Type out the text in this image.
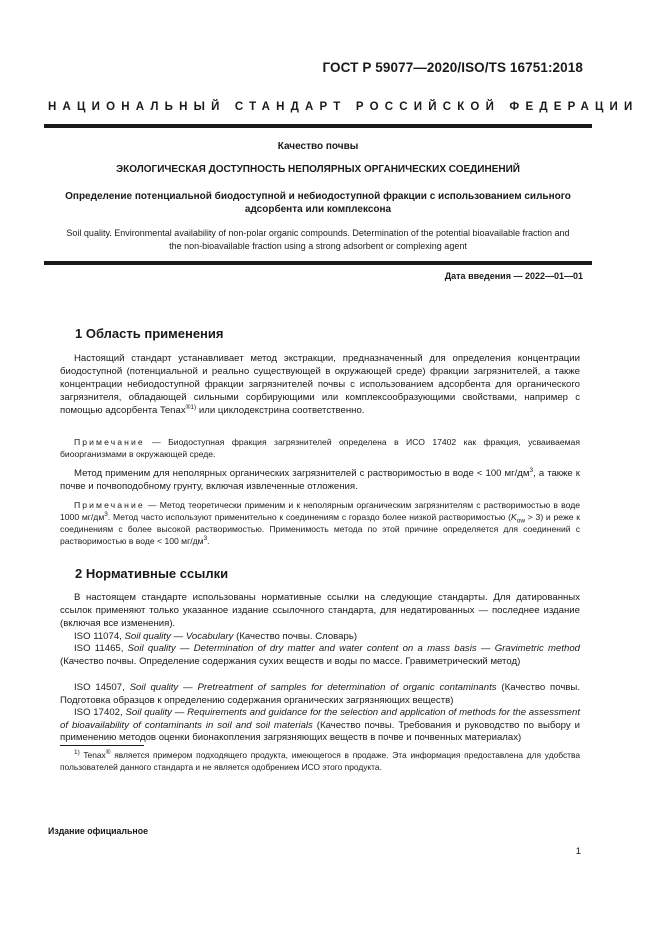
ГОСТ Р 59077—2020/ISO/TS 16751:2018
НАЦИОНАЛЬНЫЙ СТАНДАРТ РОССИЙСКОЙ ФЕДЕРАЦИИ
Качество почвы
ЭКОЛОГИЧЕСКАЯ ДОСТУПНОСТЬ НЕПОЛЯРНЫХ ОРГАНИЧЕСКИХ СОЕДИНЕНИЙ
Определение потенциальной биодоступной и небиодоступной фракции с использованием сильного адсорбента или комплексона
Soil quality. Environmental availability of non-polar organic compounds. Determination of the potential bioavailable fraction and the non-bioavailable fraction using a strong adsorbent or complexing agent
Дата введения — 2022—01—01
1 Область применения
Настоящий стандарт устанавливает метод экстракции, предназначенный для определения концентрации биодоступной (потенциальной и реально существующей в окружающей среде) фракции загрязнителей, а также концентрации небиодоступной фракции загрязнителей почвы с использованием адсорбента для органического загрязнителя, обладающей сильными сорбирующими или комплексообразующими свойствами, например с помощью адсорбента Tenax$^{®1)}$ или циклодекстрина соответственно.
Примечание — Биодоступная фракция загрязнителей определена в ИСО 17402 как фракция, усваиваемая биоорганизмами в окружающей среде.
Метод применим для неполярных органических загрязнителей с растворимостью в воде < 100 $мг/дм^3$, а также к почве и почвоподобному грунту, включая извлеченные отложения.
Примечание — Метод теоретически применим и к неполярным органическим загрязнителям с растворимостью в воде 1000 $мг/дм^3$. Метод часто используют применительно к соединениям с гораздо более низкой растворимостью $(K_{ow} > 3)$ и реже к соединениям с более высокой растворимостью. Применимость метода по этой причине определяется для соединений с растворимостью в воде < 100 $мг/дм^3$.
2 Нормативные ссылки
В настоящем стандарте использованы нормативные ссылки на следующие стандарты. Для датированных ссылок применяют только указанное издание ссылочного стандарта, для недатированных — последнее издание (включая все изменения).
ISO 11074, Soil quality — Vocabulary (Качество почвы. Словарь)
ISO 11465, Soil quality — Determination of dry matter and water content on a mass basis — Gravimetric method (Качество почвы. Определение содержания сухих веществ и воды по массе. Гравиметрический метод)
ISO 14507, Soil quality — Pretreatment of samples for determination of organic contaminants (Качество почвы. Подготовка образцов к определению содержания органических загрязняющих веществ)
ISO 17402, Soil quality — Requirements and guidance for the selection and application of methods for the assessment of bioavailability of contaminants in soil and soil materials (Качество почвы. Требования и руководство по выбору и применению методов оценки бионакопления загрязняющих веществ в почве и почвенных материалах)
$^{1)}$ Tenax® является примером подходящего продукта, имеющегося в продаже. Эта информация предоставлена для удобства пользователей данного стандарта и не является одобрением ИСО этого продукта.
Издание официальное
1
